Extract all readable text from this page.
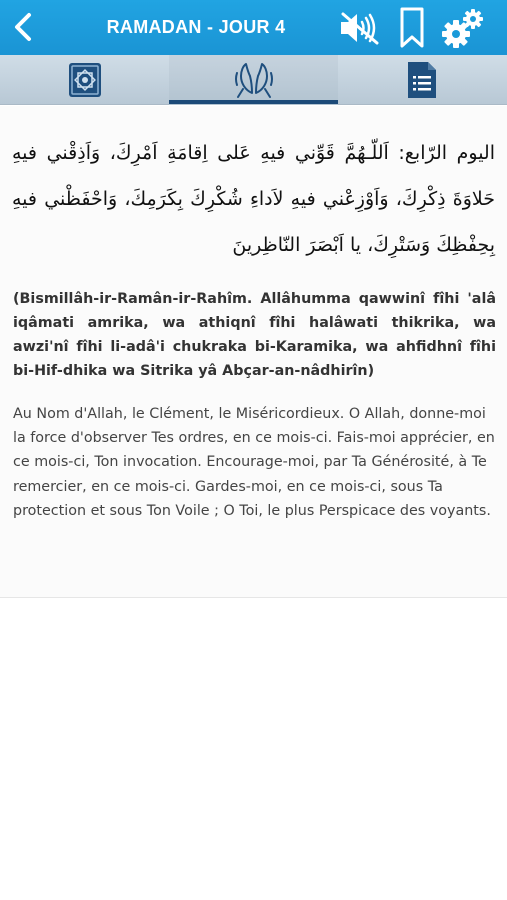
RAMADAN - JOUR 4
اليوم الرّابع: اَللّـهُمَّ قَوِّني فيهِ عَلى اِقامَةِ اَمْرِكَ، وَاَذِقْني فيهِ حَلاوَةَ ذِكْرِكَ، وَاَوْزِعْني فيهِ لاَداءِ شُكْرِكَ بِكَرَمِكَ، وَاحْفَظْني فيهِ بِحِفْظِكَ وَسَتْرِكَ، يا اَبْصَرَ النّاظِرينَ
(Bismillâh-ir-Ramân-ir-Rahîm. Allâhumma qawwinî fîhi 'alâ iqâmati amrika, wa athiqnî fîhi halâwati thikrika, wa awzi'nî fîhi li-adâ'i chukraka bi-Karamika, wa ahfidhnî fîhi bi-Hif-dhika wa Sitrika yâ Abçar-an-nâdhirîn)
Au Nom d'Allah, le Clément, le Miséricordieux. O Allah, donne-moi la force d'observer Tes ordres, en ce mois-ci. Fais-moi apprécier, en ce mois-ci, Ton invocation. Encourage-moi, par Ta Générosité, à Te remercier, en ce mois-ci. Gardes-moi, en ce mois-ci, sous Ta protection et sous Ton Voile ; O Toi, le plus Perspicace des voyants.
